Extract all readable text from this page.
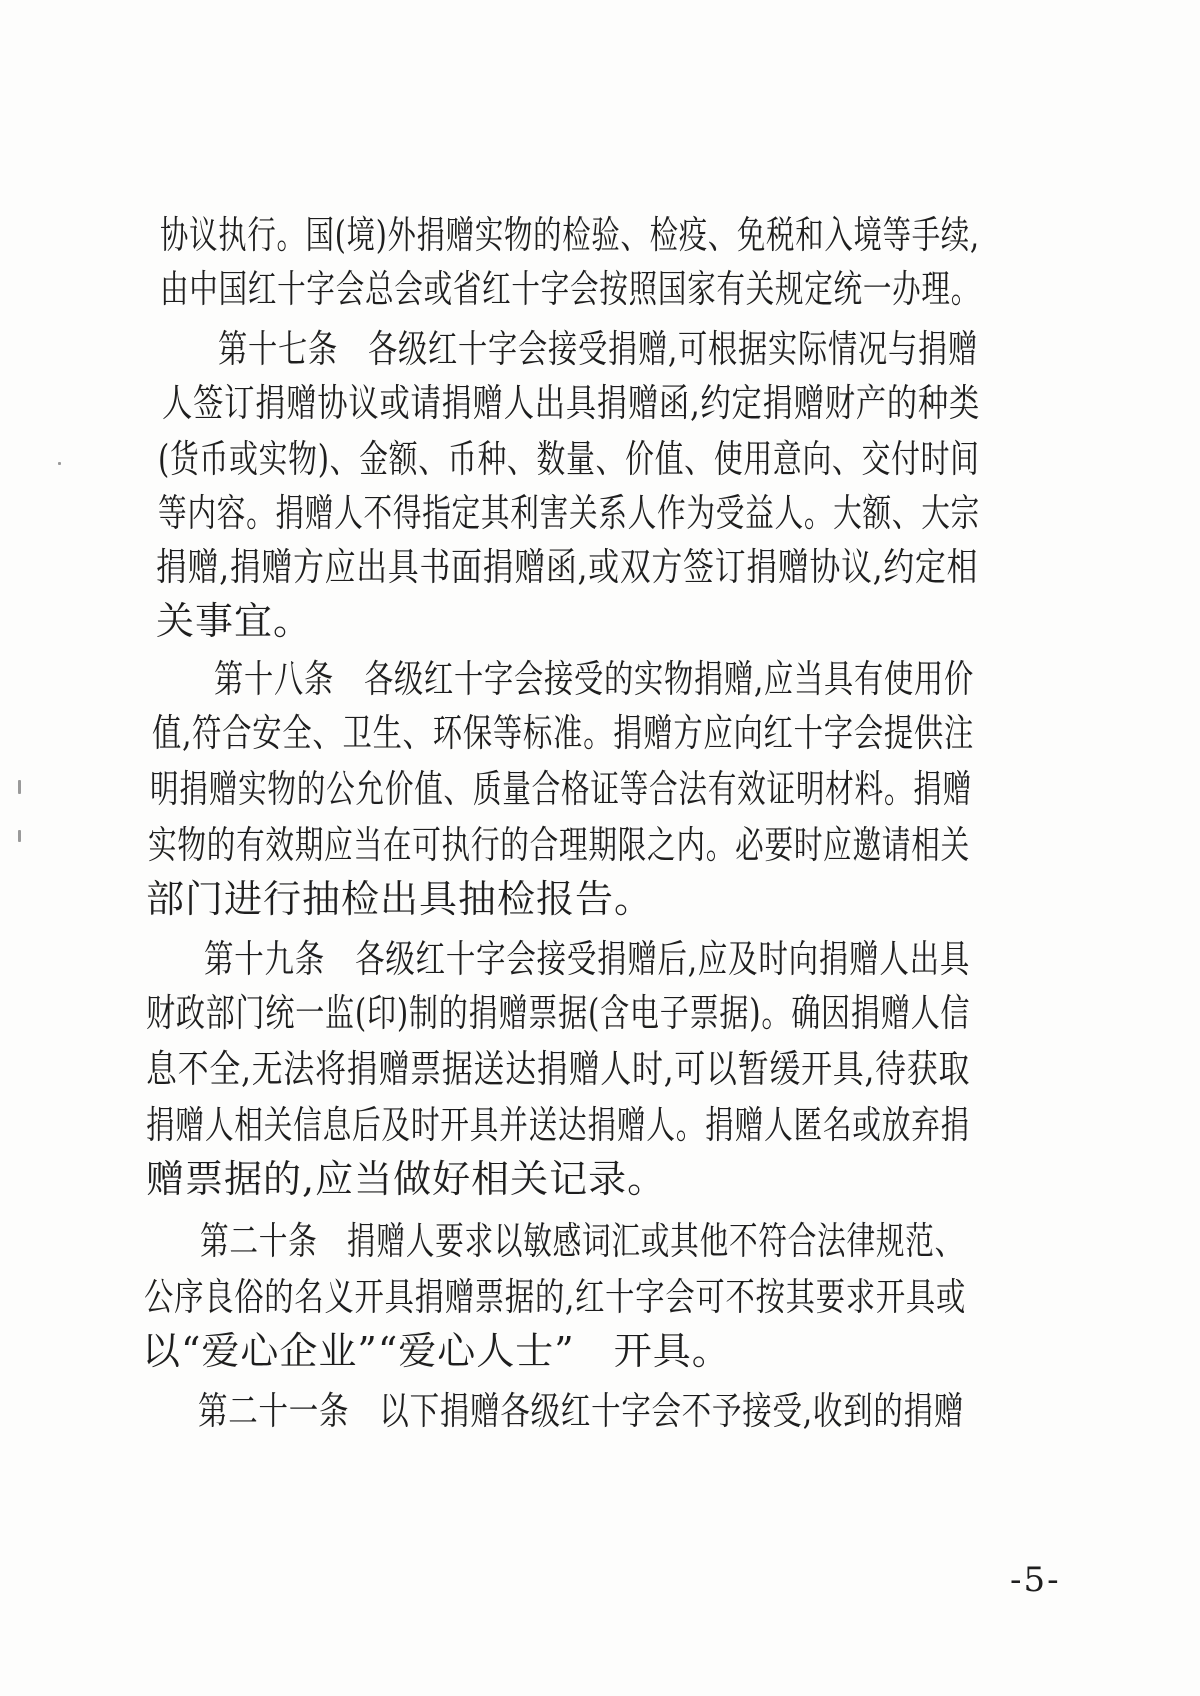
协议执行。国(境)外捐赠实物的检验、检疫、免税和入境等手续,
由中国红十字会总会或省红十字会按照国家有关规定统一办理。
第十七条　各级红十字会接受捐赠,可根据实际情况与捐赠
人签订捐赠协议或请捐赠人出具捐赠函,约定捐赠财产的种类
(货币或实物)、金额、币种、数量、价值、使用意向、交付时间
等内容。捐赠人不得指定其利害关系人作为受益人。大额、大宗
捐赠,捐赠方应出具书面捐赠函,或双方签订捐赠协议,约定相
关事宜。
第十八条　各级红十字会接受的实物捐赠,应当具有使用价
值,符合安全、卫生、环保等标准。捐赠方应向红十字会提供注
明捐赠实物的公允价值、质量合格证等合法有效证明材料。捐赠
实物的有效期应当在可执行的合理期限之内。必要时应邀请相关
部门进行抽检出具抽检报告。
第十九条　各级红十字会接受捐赠后,应及时向捐赠人出具
财政部门统一监(印)制的捐赠票据(含电子票据)。确因捐赠人信
息不全,无法将捐赠票据送达捐赠人时,可以暂缓开具,待获取
捐赠人相关信息后及时开具并送达捐赠人。捐赠人匿名或放弃捐
赠票据的,应当做好相关记录。
第二十条　捐赠人要求以敏感词汇或其他不符合法律规范、
公序良俗的名义开具捐赠票据的,红十字会可不按其要求开具或
以“爱心企业”“爱心人士”　开具。
第二十一条　以下捐赠各级红十字会不予接受,收到的捐赠
-5-
